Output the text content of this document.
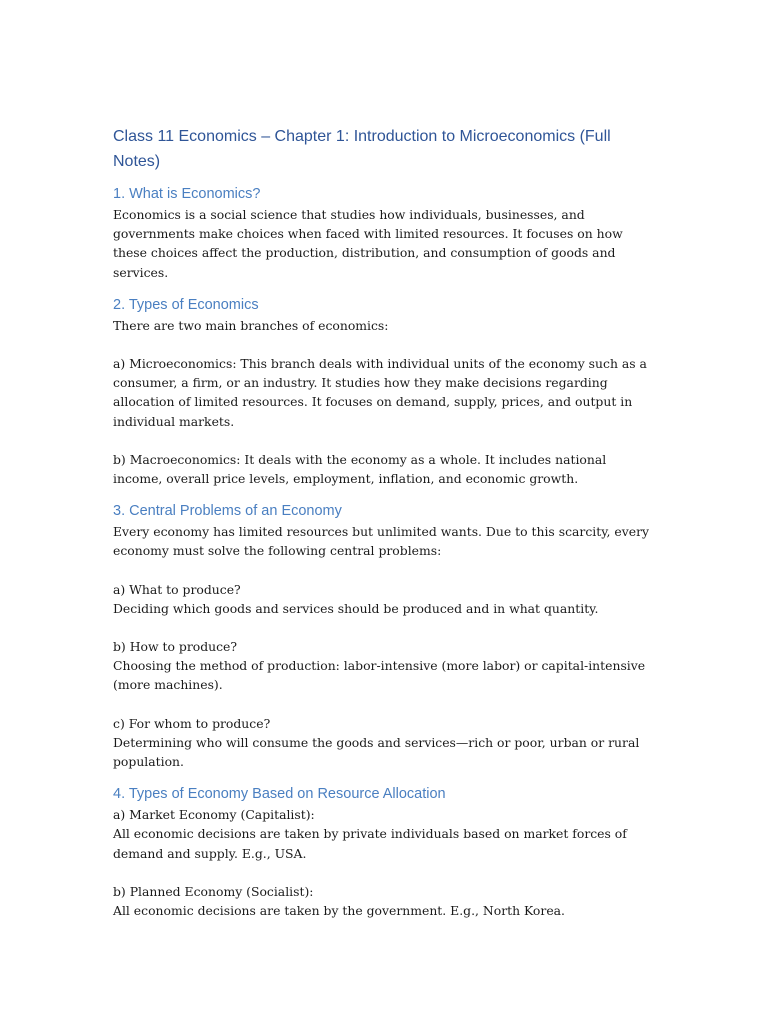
Class 11 Economics – Chapter 1: Introduction to Microeconomics (Full Notes)
1. What is Economics?

Economics is a social science that studies how individuals, businesses, and governments make choices when faced with limited resources. It focuses on how these choices affect the production, distribution, and consumption of goods and services.

2. Types of Economics

There are two main branches of economics:

a) Microeconomics: This branch deals with individual units of the economy such as a consumer, a firm, or an industry. It studies how they make decisions regarding allocation of limited resources. It focuses on demand, supply, prices, and output in individual markets.

b) Macroeconomics: It deals with the economy as a whole. It includes national income, overall price levels, employment, inflation, and economic growth.

3. Central Problems of an Economy

Every economy has limited resources but unlimited wants. Due to this scarcity, every economy must solve the following central problems:

a) What to produce?

Deciding which goods and services should be produced and in what quantity.

b) How to produce?

Choosing the method of production: labor-intensive (more labor) or capital-intensive (more machines).

c) For whom to produce?

Determining who will consume the goods and services—rich or poor, urban or rural population.

4. Types of Economy Based on Resource Allocation

a) Market Economy (Capitalist):

All economic decisions are taken by private individuals based on market forces of demand and supply. E.g., USA.

b) Planned Economy (Socialist):

All economic decisions are taken by the government. E.g., North Korea.
